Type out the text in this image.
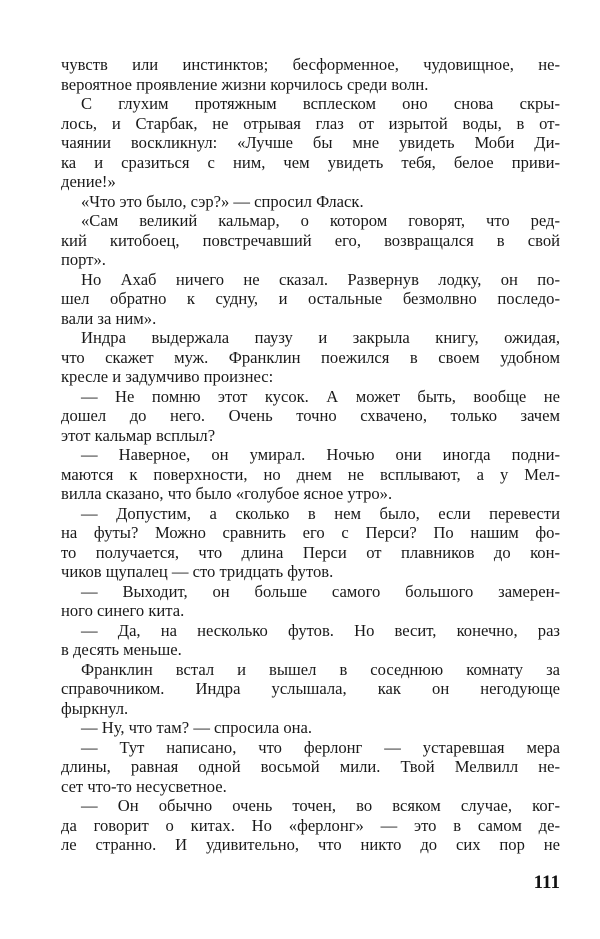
чувств или инстинктов; бесформенное, чудовищное, не-
вероятное проявление жизни корчилось среди волн.
С глухим протяжным всплеском оно снова скры-
лось, и Старбак, не отрывая глаз от изрытой воды, в от-
чаянии воскликнул: «Лучше бы мне увидеть Моби Ди-
ка и сразиться с ним, чем увидеть тебя, белое приви-
дение!»
«Что это было, сэр?» — спросил Фласк.
«Сам великий кальмар, о котором говорят, что ред-
кий китобоец, повстречавший его, возвращался в свой
порт».
Но Ахаб ничего не сказал. Развернув лодку, он по-
шел обратно к судну, и остальные безмолвно последо-
вали за ним».
Индра выдержала паузу и закрыла книгу, ожидая,
что скажет муж. Франклин поежился в своем удобном
кресле и задумчиво произнес:
— Не помню этот кусок. А может быть, вообще не
дошел до него. Очень точно схвачено, только зачем
этот кальмар всплыл?
— Наверное, он умирал. Ночью они иногда подни-
маются к поверхности, но днем не всплывают, а у Мел-
вилла сказано, что было «голубое ясное утро».
— Допустим, а сколько в нем было, если перевести
на футы? Можно сравнить его с Перси? По нашим фо-
то получается, что длина Перси от плавников до кон-
чиков щупалец — сто тридцать футов.
— Выходит, он больше самого большого замерен-
ного синего кита.
— Да, на несколько футов. Но весит, конечно, раз
в десять меньше.
Франклин встал и вышел в соседнюю комнату за
справочником. Индра услышала, как он негодующе
фыркнул.
— Ну, что там? — спросила она.
— Тут написано, что ферлонг — устаревшая мера
длины, равная одной восьмой мили. Твой Мелвилл не-
сет что-то несусветное.
— Он обычно очень точен, во всяком случае, ког-
да говорит о китах. Но «ферлонг» — это в самом де-
ле странно. И удивительно, что никто до сих пор не
111
